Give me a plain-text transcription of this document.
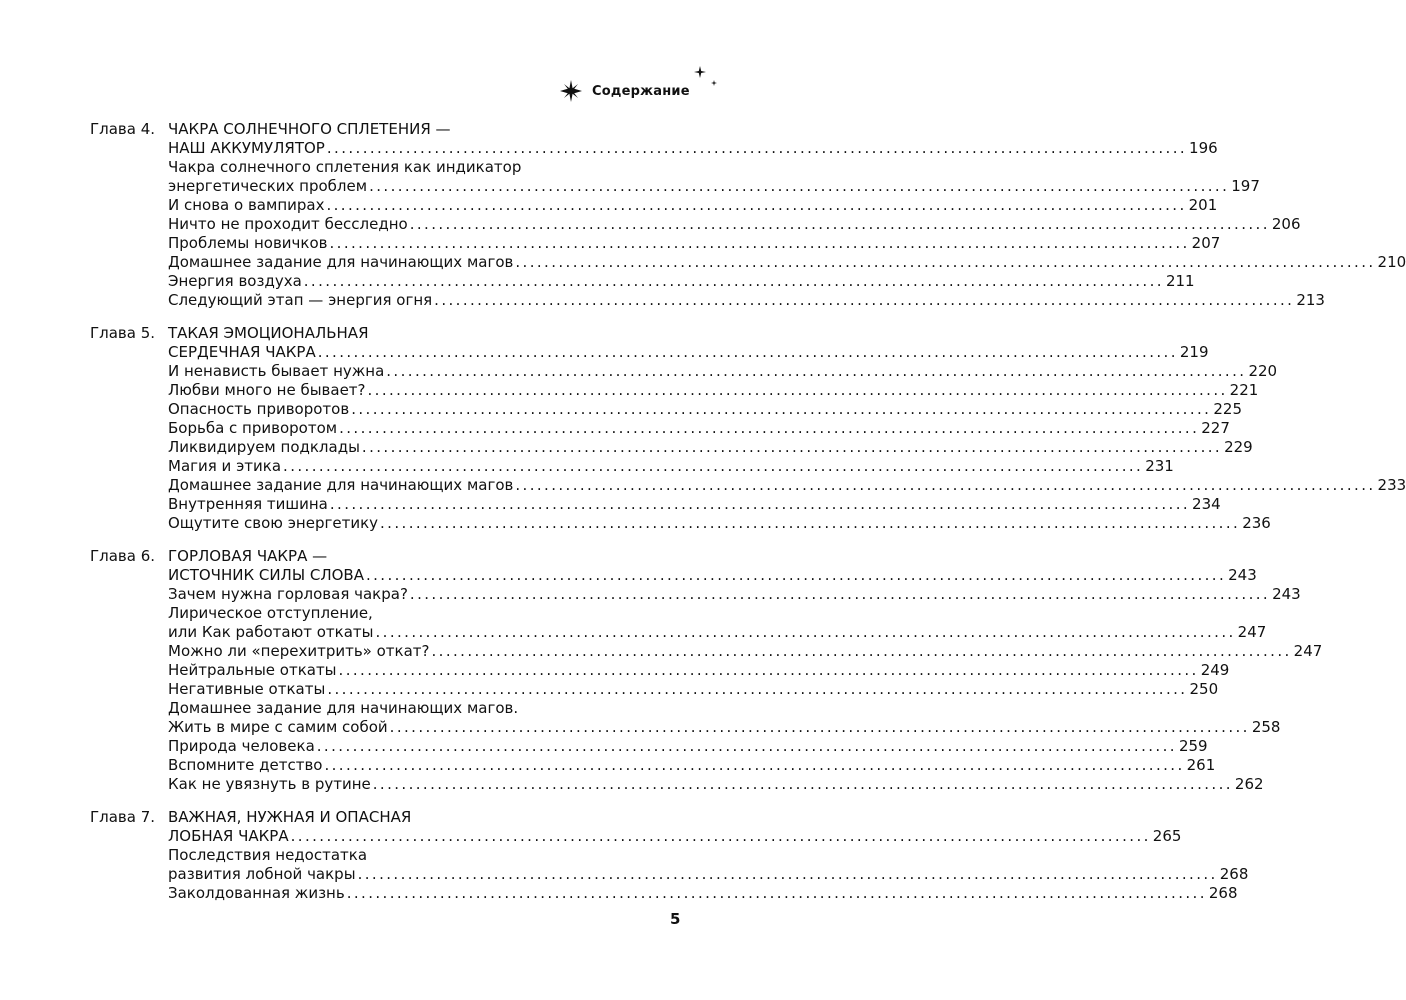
Содержание
Глава 4. ЧАКРА СОЛНЕЧНОГО СПЛЕТЕНИЯ —
НАШ АККУМУЛЯТОР ........................................................................................................................ 196
Чакра солнечного сплетения как индикатор
энергетических проблем ........................................................................................................................ 197
И снова о вампирах ........................................................................................................................ 201
Ничто не проходит бесследно ........................................................................................................................ 206
Проблемы новичков ........................................................................................................................ 207
Домашнее задание для начинающих магов ........................................................................................................................ 210
Энергия воздуха ........................................................................................................................ 211
Следующий этап — энергия огня ........................................................................................................................ 213
Глава 5. ТАКАЯ ЭМОЦИОНАЛЬНАЯ
СЕРДЕЧНАЯ ЧАКРА ........................................................................................................................ 219
И ненависть бывает нужна ........................................................................................................................ 220
Любви много не бывает? ........................................................................................................................ 221
Опасность приворотов ........................................................................................................................ 225
Борьба с приворотом ........................................................................................................................ 227
Ликвидируем подклады ........................................................................................................................ 229
Магия и этика ........................................................................................................................ 231
Домашнее задание для начинающих магов ........................................................................................................................ 233
Внутренняя тишина ........................................................................................................................ 234
Ощутите свою энергетику ........................................................................................................................ 236
Глава 6. ГОРЛОВАЯ ЧАКРА —
ИСТОЧНИК СИЛЫ СЛОВА ........................................................................................................................ 243
Зачем нужна горловая чакра? ........................................................................................................................ 243
Лирическое отступление,
или Как работают откаты ........................................................................................................................ 247
Можно ли «перехитрить» откат? ........................................................................................................................ 247
Нейтральные откаты ........................................................................................................................ 249
Негативные откаты ........................................................................................................................ 250
Домашнее задание для начинающих магов.
Жить в мире с самим собой ........................................................................................................................ 258
Природа человека ........................................................................................................................ 259
Вспомните детство ........................................................................................................................ 261
Как не увязнуть в рутине ........................................................................................................................ 262
Глава 7. ВАЖНАЯ, НУЖНАЯ И ОПАСНАЯ
ЛОБНАЯ ЧАКРА ........................................................................................................................ 265
Последствия недостатка
развития лобной чакры ........................................................................................................................ 268
Заколдованная жизнь ........................................................................................................................ 268
5
